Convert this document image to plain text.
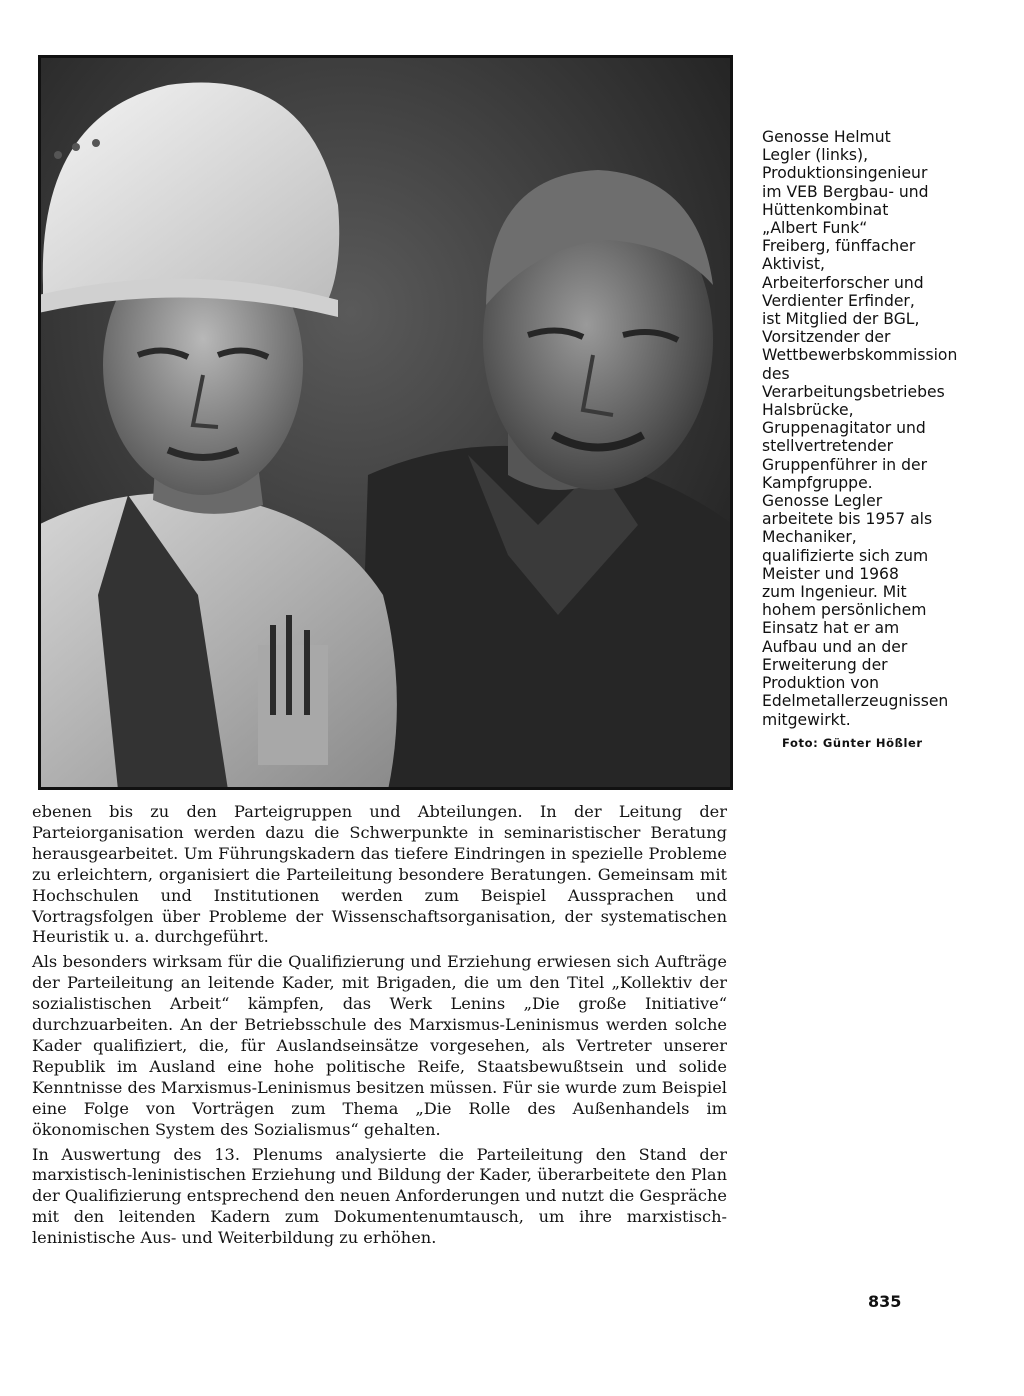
Genosse Helmut Legler (links), Produktionsingenieur im VEB Bergbau- und Hüttenkombinat „Albert Funk“ Freiberg, fünffacher Aktivist, Arbeiterforscher und Verdienter Erfinder, ist Mitglied der BGL, Vorsitzender der Wettbewerbskommission des Verarbeitungsbetriebes Halsbrücke, Gruppenagitator und stellvertretender Gruppenführer in der Kampfgruppe. Genosse Legler arbeitete bis 1957 als Mechaniker, qualifizierte sich zum Meister und 1968 zum Ingenieur. Mit hohem persönlichem Einsatz hat er am Aufbau und an der Erweiterung der Produktion von Edelmetallerzeugnissen mitgewirkt.

Foto: Günter Hößler

ebenen bis zu den Parteigruppen und Abteilungen. In der Leitung der Parteiorganisation werden dazu die Schwerpunkte in seminaristischer Beratung herausgearbeitet. Um Führungskadern das tiefere Eindringen in spezielle Probleme zu erleichtern, organisiert die Parteileitung besondere Beratungen. Gemeinsam mit Hochschulen und Institutionen werden zum Beispiel Aussprachen und Vortragsfolgen über Probleme der Wissenschaftsorganisation, der systematischen Heuristik u. a. durchgeführt.

Als besonders wirksam für die Qualifizierung und Erziehung erwiesen sich Aufträge der Parteileitung an leitende Kader, mit Brigaden, die um den Titel „Kollektiv der sozialistischen Arbeit“ kämpfen, das Werk Lenins „Die große Initiative“ durchzuarbeiten. An der Betriebsschule des Marxismus-Leninismus werden solche Kader qualifiziert, die, für Auslandseinsätze vorgesehen, als Vertreter unserer Republik im Ausland eine hohe politische Reife, Staatsbewußtsein und solide Kenntnisse des Marxismus-Leninismus besitzen müssen. Für sie wurde zum Beispiel eine Folge von Vorträgen zum Thema „Die Rolle des Außenhandels im ökonomischen System des Sozialismus“ gehalten.

In Auswertung des 13. Plenums analysierte die Parteileitung den Stand der marxistisch-leninistischen Erziehung und Bildung der Kader, überarbeitete den Plan der Qualifizierung entsprechend den neuen Anforderungen und nutzt die Gespräche mit den leitenden Kadern zum Dokumentenumtausch, um ihre marxistisch-leninistische Aus- und Weiterbildung zu erhöhen.

835
